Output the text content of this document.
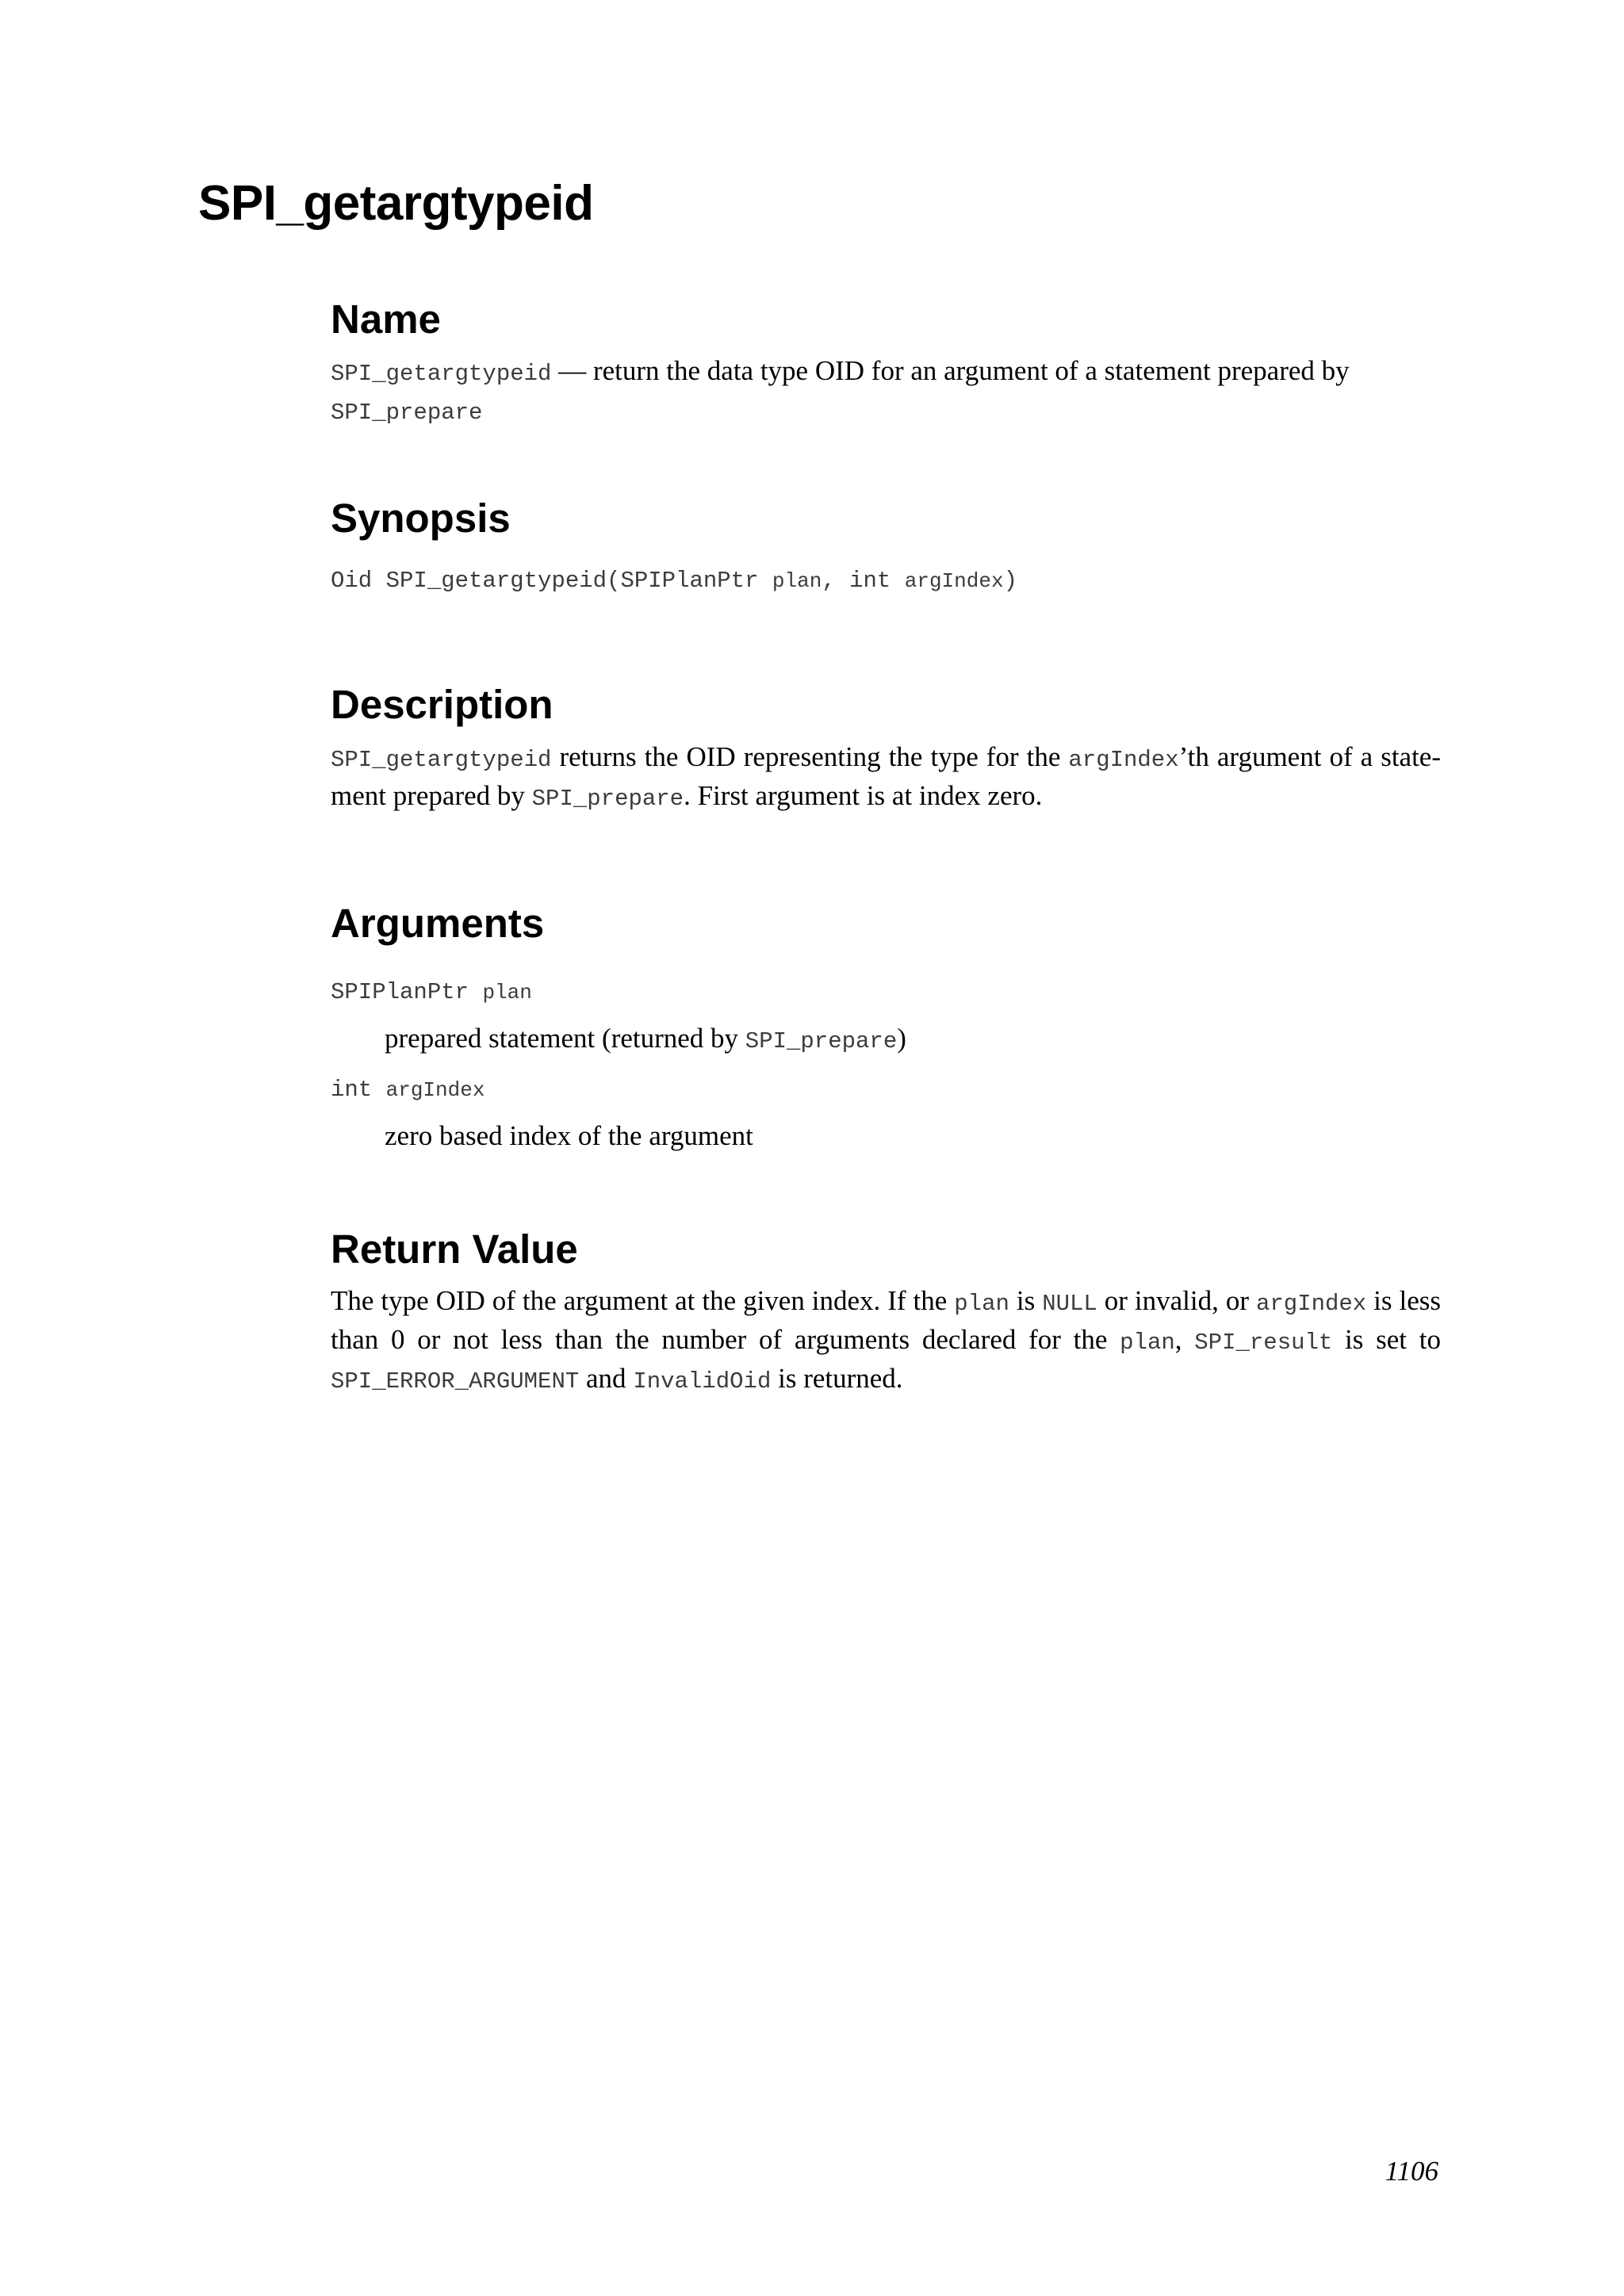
SPI_getargtypeid
Name

SPI_getargtypeid — return the data type OID for an argument of a statement prepared by
SPI_prepare

Synopsis
Oid SPI_getargtypeid(SPIPlanPtr plan, int argIndex)
Description

SPI_getargtypeid returns the OID representing the type for the argIndex’th argument of a state-ment prepared by SPI_prepare. First argument is at index zero.

Arguments
SPIPlanPtr plan
prepared statement (returned by SPI_prepare)
int argIndex
zero based index of the argument
Return Value

The type OID of the argument at the given index. If the plan is NULL or invalid, or argIndex is less than 0 or not less than the number of arguments declared for the plan, SPI_result is set to SPI_ERROR_ARGUMENT and InvalidOid is returned.

1106
